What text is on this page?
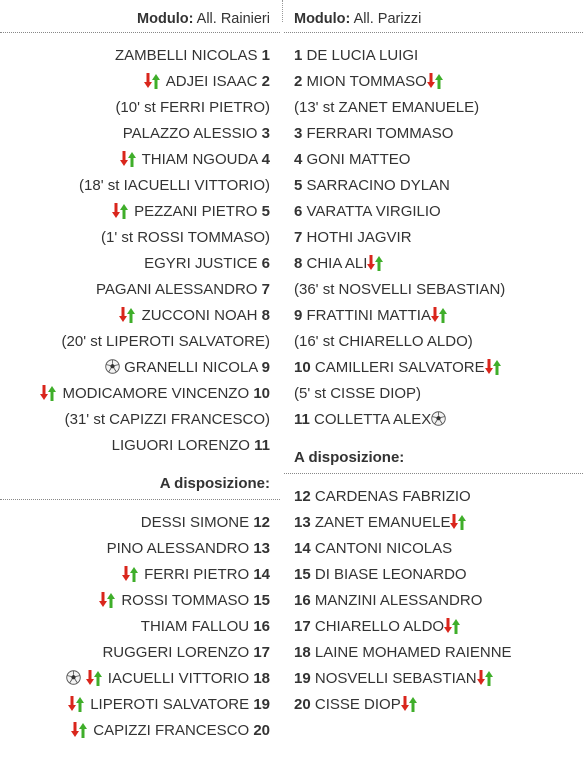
Modulo: All. Rainieri
ZAMBELLI NICOLAS 1
ADJEI ISAAC 2
(10' st FERRI PIETRO)
PALAZZO ALESSIO 3
THIAM NGOUDA 4
(18' st IACUELLI VITTORIO)
PEZZANI PIETRO 5
(1' st ROSSI TOMMASO)
EGYRI JUSTICE 6
PAGANI ALESSANDRO 7
ZUCCONI NOAH 8
(20' st LIPEROTI SALVATORE)
GRANELLI NICOLA 9
MODICAMORE VINCENZO 10
(31' st CAPIZZI FRANCESCO)
LIGUORI LORENZO 11
A disposizione:
DESSI SIMONE 12
PINO ALESSANDRO 13
FERRI PIETRO 14
ROSSI TOMMASO 15
THIAM FALLOU 16
RUGGERI LORENZO 17

IACUELLI VITTORIO 18
LIPEROTI SALVATORE 19
CAPIZZI FRANCESCO 20
Modulo: All. Parizzi
1 DE LUCIA LUIGI
2 MION TOMMASO
(13' st ZANET EMANUELE)
3 FERRARI TOMMASO
4 GONI MATTEO
5 SARRACINO DYLAN
6 VARATTA VIRGILIO
7 HOTHI JAGVIR
8 CHIA ALI
(36' st NOSVELLI SEBASTIAN)
9 FRATTINI MATTIA
(16' st CHIARELLO ALDO)
10 CAMILLERI SALVATORE
(5' st CISSE DIOP)
11 COLLETTA ALEX
A disposizione:
12 CARDENAS FABRIZIO
13 ZANET EMANUELE
14 CANTONI NICOLAS
15 DI BIASE LEONARDO
16 MANZINI ALESSANDRO
17 CHIARELLO ALDO
18 LAINE MOHAMED RAIENNE
19 NOSVELLI SEBASTIAN
20 CISSE DIOP
